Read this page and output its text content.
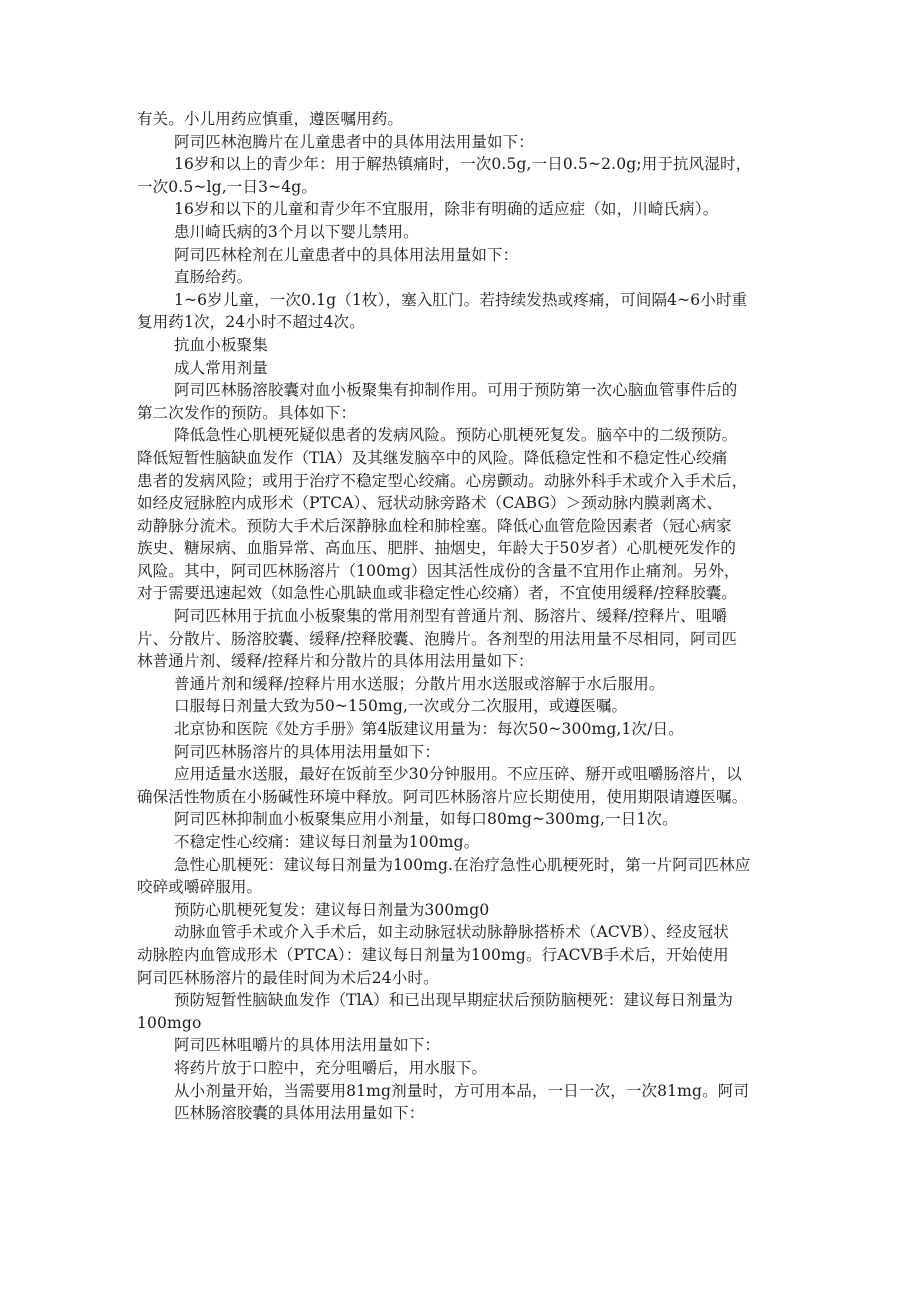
有关。小儿用药应慎重，遵医嘱用药。
阿司匹林泡腾片在儿童患者中的具体用法用量如下：
16岁和以上的青少年：用于解热镇痛时，一次0.5g,一日0.5~2.0g;用于抗风湿时，
一次0.5~lg,一日3~4g。
16岁和以下的儿童和青少年不宜服用，除非有明确的适应症（如，川崎氏病）。
患川崎氏病的3个月以下婴儿禁用。
阿司匹林栓剂在儿童患者中的具体用法用量如下：
直肠给药。
1~6岁儿童，一次0.1g（1枚），塞入肛门。若持续发热或疼痛，可间隔4~6小时重
复用药1次，24小时不超过4次。
抗血小板聚集
成人常用剂量
阿司匹林肠溶胶囊对血小板聚集有抑制作用。可用于预防第一次心脑血管事件后的
第二次发作的预防。具体如下：
降低急性心肌梗死疑似患者的发病风险。预防心肌梗死复发。脑卒中的二级预防。
降低短暂性脑缺血发作（TlA）及其继发脑卒中的风险。降低稳定性和不稳定性心绞痛
患者的发病风险；或用于治疗不稳定型心绞痛。心房颤动。动脉外科手术或介入手术后，
如经皮冠脉腔内成形术（PTCA）、冠状动脉旁路术（CABG）＞颈动脉内膜剥离术、
动静脉分流术。预防大手术后深静脉血栓和肺栓塞。降低心血管危险因素者（冠心病家
族史、糖尿病、血脂异常、高血压、肥胖、抽烟史，年龄大于50岁者）心肌梗死发作的
风险。其中，阿司匹林肠溶片（100mg）因其活性成份的含量不宜用作止痛剂。另外，
对于需要迅速起效（如急性心肌缺血或非稳定性心绞痛）者，不宜使用缓释/控释胶囊。
阿司匹林用于抗血小板聚集的常用剂型有普通片剂、肠溶片、缓释/控释片、咀嚼
片、分散片、肠溶胶囊、缓释/控释胶囊、泡腾片。各剂型的用法用量不尽相同，阿司匹
林普通片剂、缓释/控释片和分散片的具体用法用量如下：
普通片剂和缓释/控释片用水送服；分散片用水送服或溶解于水后服用。
口服每日剂量大致为50~150mg,一次或分二次服用，或遵医嘱。
北京协和医院《处方手册》第4版建议用量为：每次50~300mg,1次/日。
阿司匹林肠溶片的具体用法用量如下：
应用适量水送服，最好在饭前至少30分钟服用。不应压碎、掰开或咀嚼肠溶片，以
确保活性物质在小肠碱性环境中释放。阿司匹林肠溶片应长期使用，使用期限请遵医嘱。
阿司匹林抑制血小板聚集应用小剂量，如每口80mg~300mg,一日1次。
不稳定性心绞痛：建议每日剂量为100mg。
急性心肌梗死：建议每日剂量为100mg.在治疗急性心肌梗死时，第一片阿司匹林应
咬碎或嚼碎服用。
预防心肌梗死复发：建议每日剂量为300mg0
动脉血管手术或介入手术后，如主动脉冠状动脉静脉搭桥术（ACVB）、经皮冠状
动脉腔内血管成形术（PTCA）：建议每日剂量为100mg。行ACVB手术后，开始使用
阿司匹林肠溶片的最佳时间为术后24小时。
预防短暂性脑缺血发作（TlA）和已出现早期症状后预防脑梗死：建议每日剂量为
100mgo
阿司匹林咀嚼片的具体用法用量如下：
将药片放于口腔中，充分咀嚼后，用水服下。
从小剂量开始，当需要用81mg剂量时，方可用本品，一日一次，一次81mg。阿司
匹林肠溶胶囊的具体用法用量如下：
